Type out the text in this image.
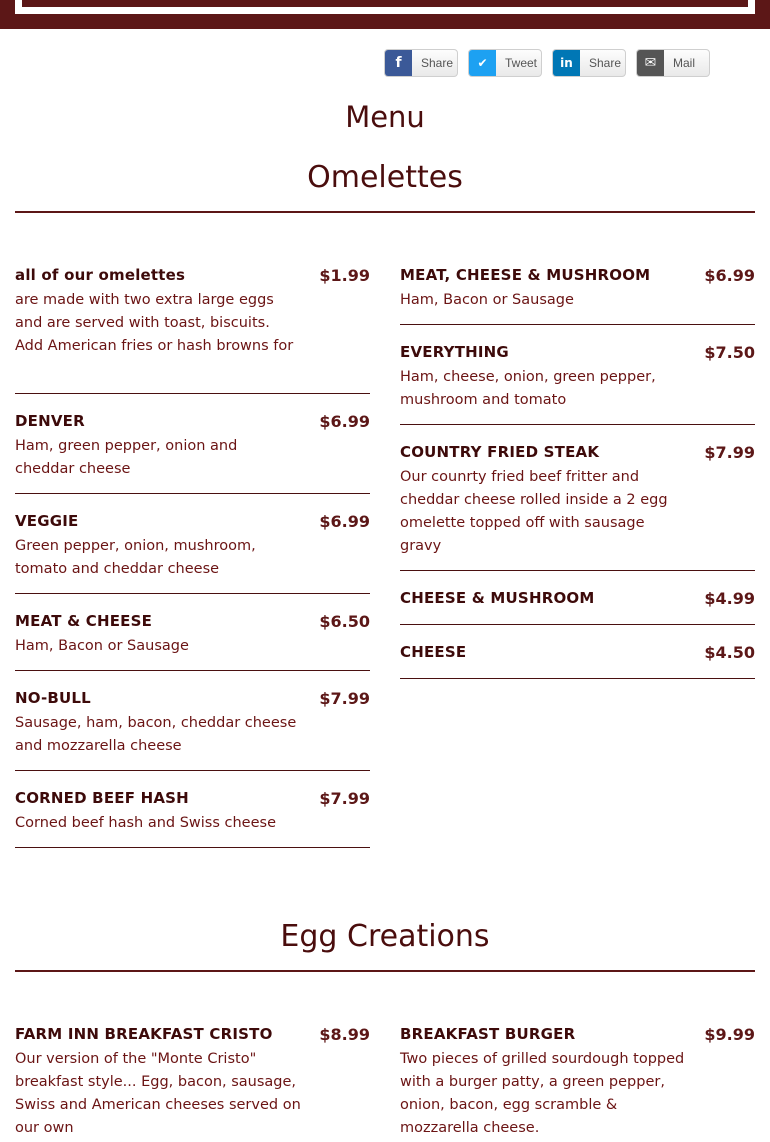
f	Share	✔	Tweet	in	Share	✉	Mail
Menu
Omelettes
all of our omelettes	$1.99
are made with two extra large eggs and are served with toast, biscuits. Add American fries or hash browns for
DENVER	$6.99
Ham, green pepper, onion and cheddar cheese
VEGGIE	$6.99
Green pepper, onion, mushroom, tomato and cheddar cheese
MEAT & CHEESE	$6.50
Ham, Bacon or Sausage
NO-BULL	$7.99
Sausage, ham, bacon, cheddar cheese and mozzarella cheese
CORNED BEEF HASH	$7.99
Corned beef hash and Swiss cheese
MEAT, CHEESE & MUSHROOM	$6.99
Ham, Bacon or Sausage
EVERYTHING	$7.50
Ham, cheese, onion, green pepper, mushroom and tomato
COUNTRY FRIED STEAK	$7.99
Our counrty fried beef fritter and cheddar cheese rolled inside a 2 egg omelette topped off with sausage gravy
CHEESE & MUSHROOM	$4.99
CHEESE	$4.50
Egg Creations
FARM INN BREAKFAST CRISTO	$8.99
Our version of the "Monte Cristo" breakfast style... Egg, bacon, sausage, Swiss and American cheeses served on our own
BREAKFAST BURGER	$9.99
Two pieces of grilled sourdough topped with a burger patty, a green pepper, onion, bacon, egg scramble & mozzarella cheese.
